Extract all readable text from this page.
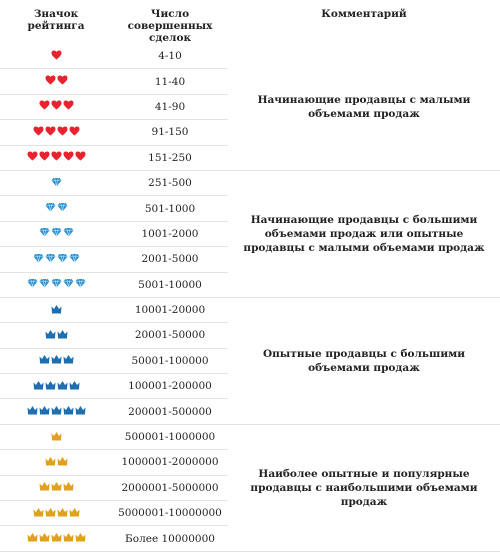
Значок рейтинга	Число совершенных сделок	Комментарий

	4-10	Начинающие продавцы с малыми объемами продаж

	11-40	

	41-90	

	91-150	

	151-250	

	251-500	Начинающие продавцы с большими объемами продаж или опытные продавцы с малыми объемами продаж

	501-1000	

	1001-2000	

	2001-5000	

	5001-10000	

	10001-20000	Опытные продавцы с большими объемами продаж

	20001-50000	

	50001-100000	

	100001-200000	

	200001-500000	

	500001-1000000	Наиболее опытные и популярные продавцы с наибольшими объемами продаж

	1000001-2000000	

	2000001-5000000	

	5000001-10000000	

	Более 10000000	
